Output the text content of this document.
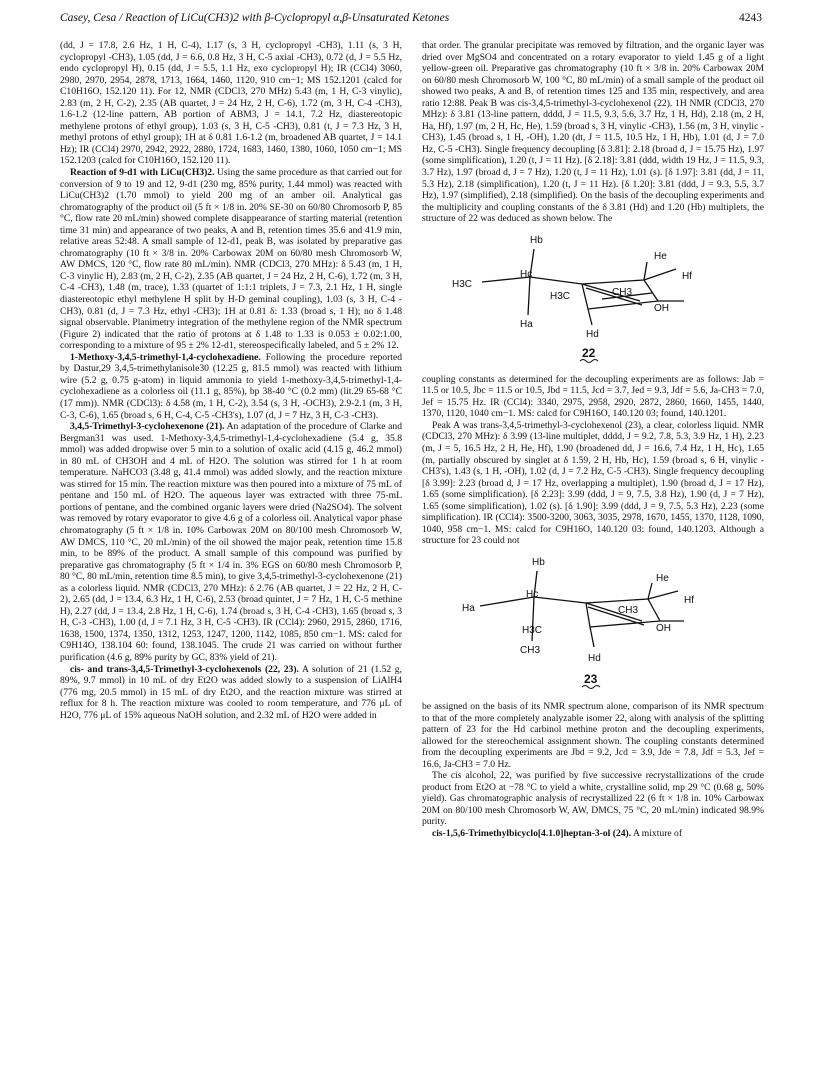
Casey, Cesa / Reaction of LiCu(CH3)2 with β-Cyclopropyl α,β-Unsaturated Ketones	4243

(dd, J = 17.8, 2.6 Hz, 1 H, C-4), 1.17 (s, 3 H, cyclopropyl -CH3), 1.11 (s, 3 H, cyclopropyl -CH3), 1.05 (dd, J = 6.6, 0.8 Hz, 3 H, C-5 axial -CH3), 0.72 (d, J = 5.5 Hz, endo cyclopropyl H), 0.15 (dd, J = 5.5, 1.1 Hz, exo cyclopropyl H); IR (CCl4) 3060, 2980, 2970, 2954, 2878, 1713, 1664, 1460, 1120, 910 cm−1; MS 152.1201 (calcd for C10H16O, 152.120 11). For 12, NMR (CDCl3, 270 MHz) 5.43 (m, 1 H, C-3 vinylic), 2.83 (m, 2 H, C-2), 2.35 (AB quartet, J = 24 Hz, 2 H, C-6), 1.72 (m, 3 H, C-4 -CH3), 1.6-1.2 (12-line pattern, AB portion of ABM3, J = 14.1, 7.2 Hz, diastereotopic methylene protons of ethyl group), 1.03 (s, 3 H, C-5 -CH3), 0.81 (t, J = 7.3 Hz, 3 H, methyl protons of ethyl group); 1H at δ 0.81 1.6-1.2 (m, broadened AB quartet, J = 14.1 Hz); IR (CCl4) 2970, 2942, 2922, 2880, 1724, 1683, 1460, 1380, 1060, 1050 cm−1; MS 152.1203 (calcd for C10H16O, 152.120 11).

Reaction of 9-d1 with LiCu(CH3)2. Using the same procedure as that carried out for conversion of 9 to 19 and 12, 9-d1 (230 mg, 85% purity, 1.44 mmol) was reacted with LiCu(CH3)2 (1.70 mmol) to yield 200 mg of an amber oil. Analytical gas chromatography of the product oil (5 ft × 1/8 in. 20% SE-30 on 60/80 Chromosorb P, 85 °C, flow rate 20 mL/min) showed complete disappearance of starting material (retention time 31 min) and appearance of two peaks, A and B, retention times 35.6 and 41.9 min, relative areas 52:48. A small sample of 12-d1, peak B, was isolated by preparative gas chromatography (10 ft × 3/8 in. 20% Carbowax 20M on 60/80 mesh Chromosorb W, AW DMCS, 120 °C, flow rate 80 mL/min). NMR (CDCl3, 270 MHz): δ 5.43 (m, 1 H, C-3 vinylic H), 2.83 (m, 2 H, C-2), 2.35 (AB quartet, J = 24 Hz, 2 H, C-6), 1.72 (m, 3 H, C-4 -CH3), 1.48 (m, trace), 1.33 (quartet of 1:1:1 triplets, J = 7.3, 2.1 Hz, 1 H, single diastereotopic ethyl methylene H split by H-D geminal coupling), 1.03 (s, 3 H, C-4 -CH3), 0.81 (d, J = 7.3 Hz, ethyl -CH3); 1H at 0.81 δ: 1.33 (broad s, 1 H); no δ 1.48 signal observable. Planimetry integration of the methylene region of the NMR spectrum (Figure 2) indicated that the ratio of protons at δ 1.48 to 1.33 is 0.053 ± 0.02:1.00, corresponding to a mixture of 95 ± 2% 12-d1, stereospecifically labeled, and 5 ± 2% 12.

1-Methoxy-3,4,5-trimethyl-1,4-cyclohexadiene. Following the procedure reported by Dastur,29 3,4,5-trimethylanisole30 (12.25 g, 81.5 mmol) was reacted with lithium wire (5.2 g, 0.75 g-atom) in liquid ammonia to yield 1-methoxy-3,4,5-trimethyl-1,4-cyclohexadiene as a colorless oil (11.1 g, 85%), bp 38-40 °C (0.2 mm) (lit.29 65-68 °C (17 mm)). NMR (CDCl3): δ 4.58 (m, 1 H, C-2), 3.54 (s, 3 H, -OCH3), 2.9-2.1 (m, 3 H, C-3, C-6), 1.65 (broad s, 6 H, C-4, C-5 -CH3's), 1.07 (d, J = 7 Hz, 3 H, C-3 -CH3).

3,4,5-Trimethyl-3-cyclohexenone (21). An adaptation of the procedure of Clarke and Bergman31 was used. 1-Methoxy-3,4,5-trimethyl-1,4-cyclohexadiene (5.4 g, 35.8 mmol) was added dropwise over 5 min to a solution of oxalic acid (4.15 g, 46.2 mmol) in 80 mL of CH3OH and 4 mL of H2O. The solution was stirred for 1 h at room temperature. NaHCO3 (3.48 g, 41.4 mmol) was added slowly, and the reaction mixture was stirred for 15 min. The reaction mixture was then poured into a mixture of 75 mL of pentane and 150 mL of H2O. The aqueous layer was extracted with three 75-mL portions of pentane, and the combined organic layers were dried (Na2SO4). The solvent was removed by rotary evaporator to give 4.6 g of a colorless oil. Analytical vapor phase chromatography (5 ft × 1/8 in. 10% Carbowax 20M on 80/100 mesh Chromosorb W, AW DMCS, 110 °C, 20 mL/min) of the oil showed the major peak, retention time 15.8 min, to be 89% of the product. A small sample of this compound was purified by preparative gas chromatography (5 ft × 1/4 in. 3% EGS on 60/80 mesh Chromosorb P, 80 °C, 80 mL/min, retention time 8.5 min), to give 3,4,5-trimethyl-3-cyclohexenone (21) as a colorless liquid. NMR (CDCl3, 270 MHz): δ 2.76 (AB quartet, J = 22 Hz, 2 H, C-2), 2.65 (dd, J = 13.4, 6.3 Hz, 1 H, C-6), 2.53 (broad quintet, J = 7 Hz, 1 H, C-5 methine H), 2.27 (dd, J = 13.4, 2.8 Hz, 1 H, C-6), 1.74 (broad s, 3 H, C-4 -CH3), 1.65 (broad s, 3 H, C-3 -CH3), 1.00 (d, J = 7.1 Hz, 3 H, C-5 -CH3). IR (CCl4): 2960, 2915, 2860, 1716, 1638, 1500, 1374, 1350, 1312, 1253, 1247, 1200, 1142, 1085, 850 cm−1. MS: calcd for C9H14O, 138.104 60: found, 138.1045. The crude 21 was carried on without further purification (4.6 g, 89% purity by GC, 83% yield of 21).

cis- and trans-3,4,5-Trimethyl-3-cyclohexenols (22, 23). A solution of 21 (1.52 g, 89%, 9.7 mmol) in 10 mL of dry Et2O was added slowly to a suspension of LiAlH4 (776 mg, 20.5 mmol) in 15 mL of dry Et2O, and the reaction mixture was stirred at reflux for 8 h. The reaction mixture was cooled to room temperature, and 776 μL of H2O, 776 μL of 15% aqueous NaOH solution, and 2.32 mL of H2O were added in

that order. The granular precipitate was removed by filtration, and the organic layer was dried over MgSO4 and concentrated on a rotary evaporator to yield 1.45 g of a light yellow-green oil. Preparative gas chromatography (10 ft × 3/8 in. 20% Carbowax 20M on 60/80 mesh Chromosorb W, 100 °C, 80 mL/min) of a small sample of the product oil showed two peaks, A and B, of retention times 125 and 135 min, respectively, and area ratio 12:88. Peak B was cis-3,4,5-trimethyl-3-cyclohexenol (22). 1H NMR (CDCl3, 270 MHz): δ 3.81 (13-line pattern, dddd, J = 11.5, 9.3, 5.6, 3.7 Hz, 1 H, Hd), 2.18 (m, 2 H, Ha, Hf), 1.97 (m, 2 H, Hc, He), 1.59 (broad s, 3 H, vinylic -CH3), 1.56 (m, 3 H, vinylic -CH3), 1.45 (broad s, 1 H, -OH), 1.20 (dt, J = 11.5, 10.5 Hz, 1 H, Hb), 1.01 (d, J = 7.0 Hz, C-5 -CH3). Single frequency decoupling [δ 3.81]: 2.18 (broad d, J = 15.75 Hz), 1.97 (some simplification), 1.20 (t, J = 11 Hz). [δ 2.18]: 3.81 (ddd, width 19 Hz, J = 11.5, 9.3, 3.7 Hz), 1.97 (broad d, J = 7 Hz), 1.20 (t, J = 11 Hz), 1.01 (s). [δ 1.97]: 3.81 (dd, J = 11, 5.3 Hz), 2.18 (simplification), 1.20 (t, J = 11 Hz). [δ 1.20]: 3.81 (ddd, J = 9.3, 5.5, 3.7 Hz), 1.97 (simplified), 2.18 (simplified). On the basis of the decoupling experiments and the multiplicity and coupling constants of the δ 3.81 (Hd) and 1.20 (Hb) multiplets, the structure of 22 was deduced as shown below. The

Hb
He
H3C
Hc
H3C	CH3
Hf
OH
Ha
Hd
22

coupling constants as determined for the decoupling experiments are as follows: Jab = 11.5 or 10.5, Jbc = 11.5 or 10.5, Jbd = 11.5, Jcd = 3.7, Jed = 9.3, Jdf = 5.6, Ja-CH3 = 7.0, Jef = 15.75 Hz. IR (CCl4): 3340, 2975, 2958, 2920, 2872, 2860, 1660, 1455, 1440, 1370, 1120, 1040 cm−1. MS: calcd for C9H16O, 140.120 03; found, 140.1201.

Peak A was trans-3,4,5-trimethyl-3-cyclohexenol (23), a clear, colorless liquid. NMR (CDCl3, 270 MHz): δ 3.99 (13-line multiplet, dddd, J = 9.2, 7.8, 5.3, 3.9 Hz, 1 H), 2.23 (m, J = 5, 16.5 Hz, 2 H, He, Hf), 1.90 (broadened dd, J = 16.6, 7.4 Hz, 1 H, Hc), 1.65 (m, partially obscured by singlet at δ 1.59, 2 H, Hb, Hc), 1.59 (broad s, 6 H, vinylic -CH3's), 1.43 (s, 1 H, -OH), 1.02 (d, J = 7.2 Hz, C-5 -CH3). Single frequency decoupling [δ 3.99]: 2.23 (broad d, J = 17 Hz, overlapping a multiplet), 1.90 (broad d, J = 17 Hz), 1.65 (some simplification). [δ 2.23]: 3.99 (ddd, J = 9, 7.5, 3.8 Hz), 1.90 (d, J = 7 Hz), 1.65 (some simplification), 1.02 (s). [δ 1.90]: 3.99 (ddd, J = 9, 7.5, 5.3 Hz), 2.23 (some simplification). IR (CCl4): 3500-3200, 3063, 3035, 2978, 1670, 1455, 1370, 1128, 1090, 1040, 958 cm−1. MS: calcd for C9H16O, 140.120 03: found, 140.1203. Although a structure for 23 could not

Hb
He
Ha
Hc
H3C
CH3
OH
Hf
CH3
Hd
23

be assigned on the basis of its NMR spectrum alone, comparison of its NMR spectrum to that of the more completely analyzable isomer 22, along with analysis of the splitting pattern of 23 for the Hd carbinol methine proton and the decoupling experiments, allowed for the stereochemical assignment shown. The coupling constants determined from the decoupling experiments are Jbd = 9.2, Jcd = 3.9, Jde = 7.8, Jdf = 5.3, Jef = 16.6, Ja-CH3 = 7.0 Hz.

The cis alcohol, 22, was purified by five successive recrystallizations of the crude product from Et2O at −78 °C to yield a white, crystalline solid, mp 29 °C (0.68 g, 50% yield). Gas chromatographic analysis of recrystallized 22 (6 ft × 1/8 in. 10% Carbowax 20M on 80/100 mesh Chromosorb W, AW, DMCS, 75 °C, 20 mL/min) indicated 98.9% purity.

cis-1,5,6-Trimethylbicyclo[4.1.0]heptan-3-ol (24). A mixture of
